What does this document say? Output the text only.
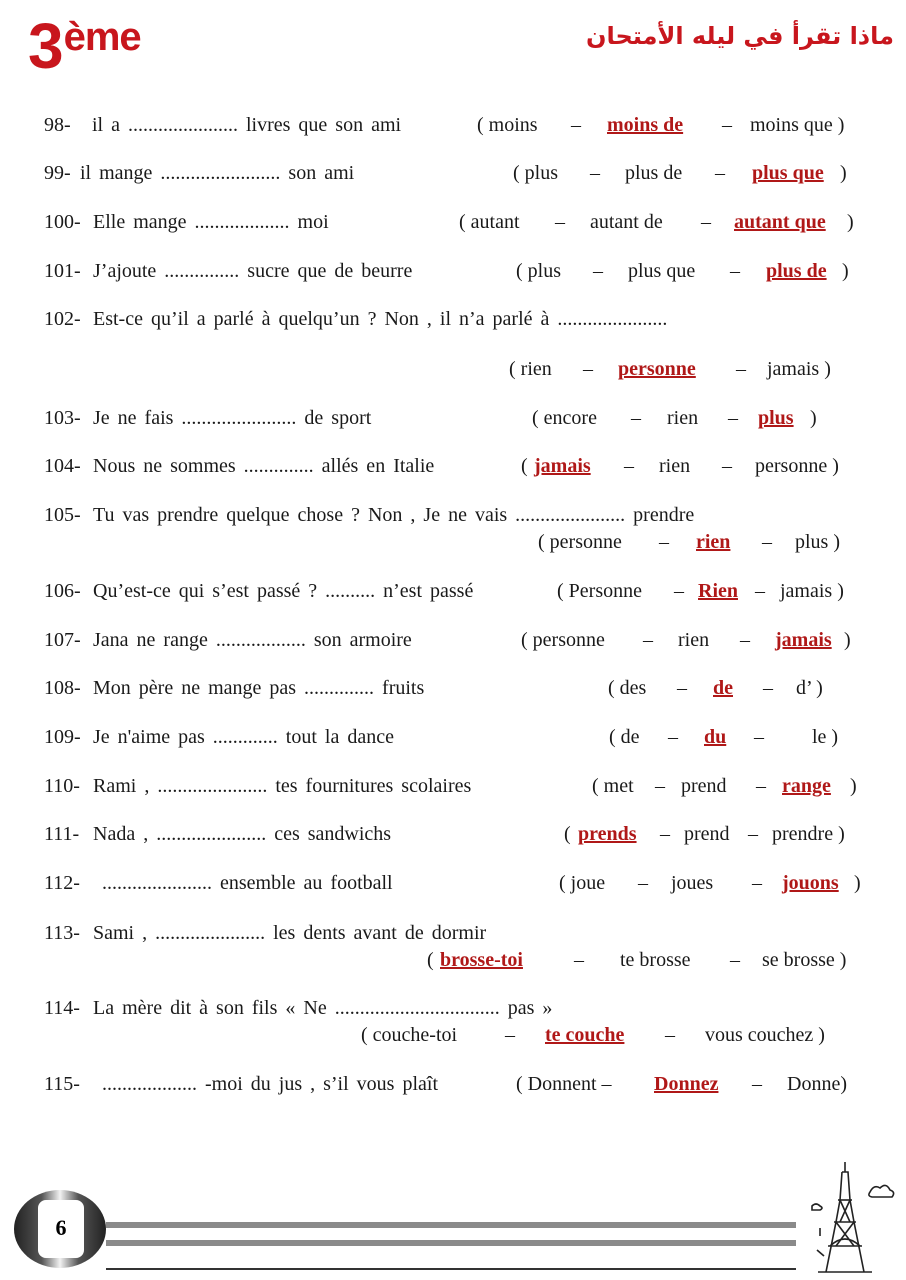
3ème	ماذا تقرأ في ليله الأمتحان
98- il a ...................... livres que son ami	( moins – moins de – moins que )
99- il mange ........................ son ami	( plus – plus de – plus que )
100- Elle mange ................... moi	( autant – autant de – autant que )
101- J’ajoute ............... sucre que de beurre	( plus – plus que – plus de )
102- Est-ce qu’il a parlé à quelqu’un ? Non , il n’a parlé à ......................
( rien – personne – jamais )
103- Je ne fais ....................... de sport	( encore – rien – plus )
104- Nous ne sommes .............. allés en Italie	( jamais – rien – personne )
105- Tu vas prendre quelque chose ? Non , Je ne vais ...................... prendre
( personne – rien – plus )
106- Qu’est-ce qui s’est passé ? .......... n’est passé	( Personne – Rien – jamais )
107- Jana ne range .................. son armoire	( personne – rien – jamais )
108- Mon père ne mange pas .............. fruits	( des – de – d’ )
109- Je n'aime pas ............. tout la dance	( de – du – le )
110- Rami , ...................... tes fournitures scolaires	( met – prend – range )
111- Nada , ...................... ces sandwichs	( prends – prend – prendre )
112- ...................... ensemble au football	( joue – joues – jouons )
113- Sami , ...................... les dents avant de dormir
( brosse-toi	– te brosse – se brosse )
114- La mère dit à son fils « Ne ................................. pas »
( couche-toi – te couche – vous couchez )
115- ................... -moi du jus , s’il vous plaît	( Donnent – Donnez – Donne)
6
